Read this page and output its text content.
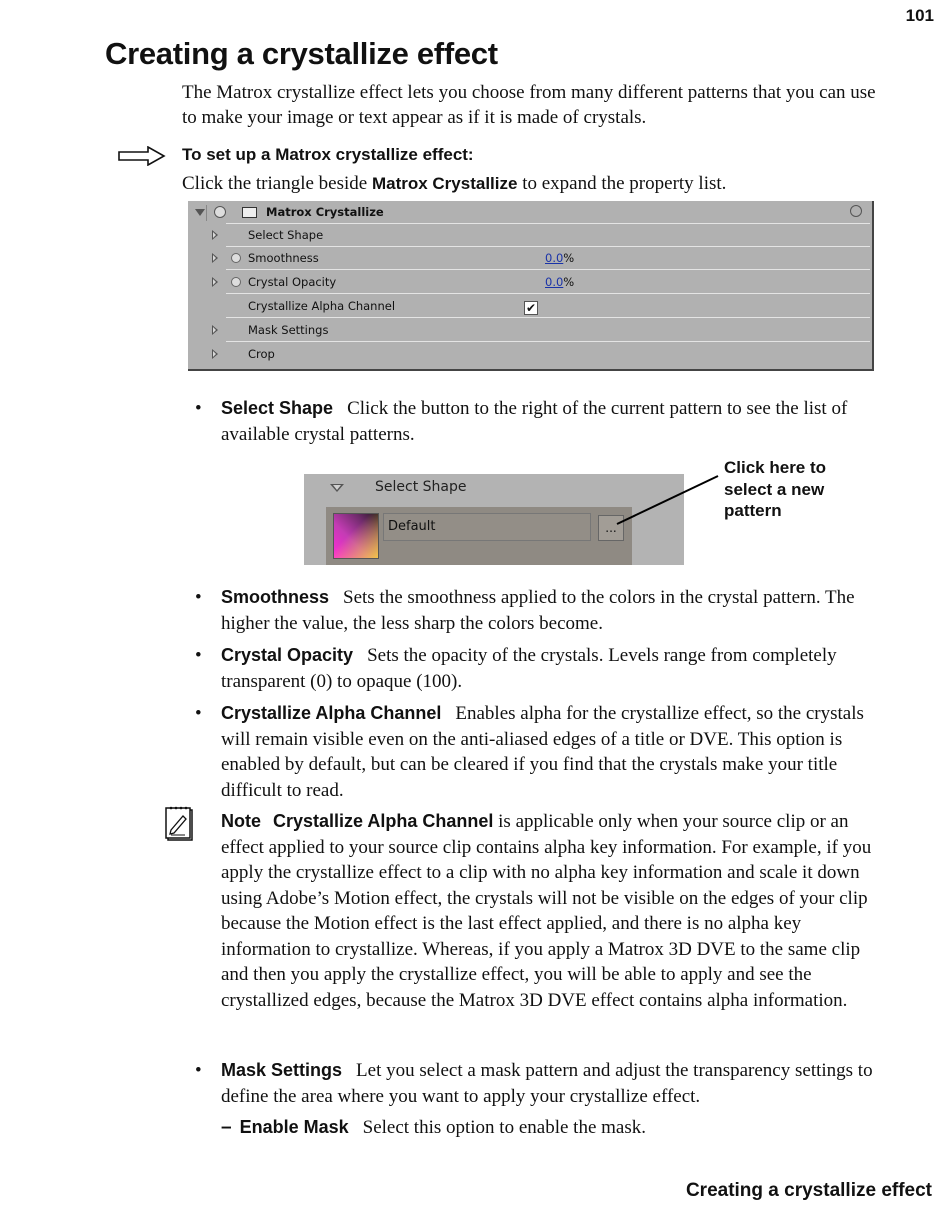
101
Creating a crystallize effect
The Matrox crystallize effect lets you choose from many different patterns that you can use to make your image or text appear as if it is made of crystals.
To set up a Matrox crystallize effect:
Click the triangle beside Matrox Crystallize to expand the property list.
Matrox Crystallize
Select Shape
Smoothness	0.0%
Crystal Opacity	0.0%
Crystallize Alpha Channel	✔
Mask Settings
Crop
• Select Shape Click the button to the right of the current pattern to see the list of available crystal patterns.
Select Shape
Default	...
Click here to select a new pattern
• Smoothness Sets the smoothness applied to the colors in the crystal pattern. The higher the value, the less sharp the colors become.
• Crystal Opacity Sets the opacity of the crystals. Levels range from completely transparent (0) to opaque (100).
• Crystallize Alpha Channel Enables alpha for the crystallize effect, so the crystals will remain visible even on the anti-aliased edges of a title or DVE. This option is enabled by default, but can be cleared if you find that the crystals make your title difficult to read.
Note Crystallize Alpha Channel is applicable only when your source clip or an effect applied to your source clip contains alpha key information. For example, if you apply the crystallize effect to a clip with no alpha key information and scale it down using Adobe’s Motion effect, the crystals will not be visible on the edges of your clip because the Motion effect is the last effect applied, and there is no alpha key information to crystallize. Whereas, if you apply a Matrox 3D DVE to the same clip and then you apply the crystallize effect, you will be able to apply and see the crystallized edges, because the Matrox 3D DVE effect contains alpha information.
• Mask Settings Let you select a mask pattern and adjust the transparency settings to define the area where you want to apply your crystallize effect.
– Enable Mask Select this option to enable the mask.
Creating a crystallize effect
